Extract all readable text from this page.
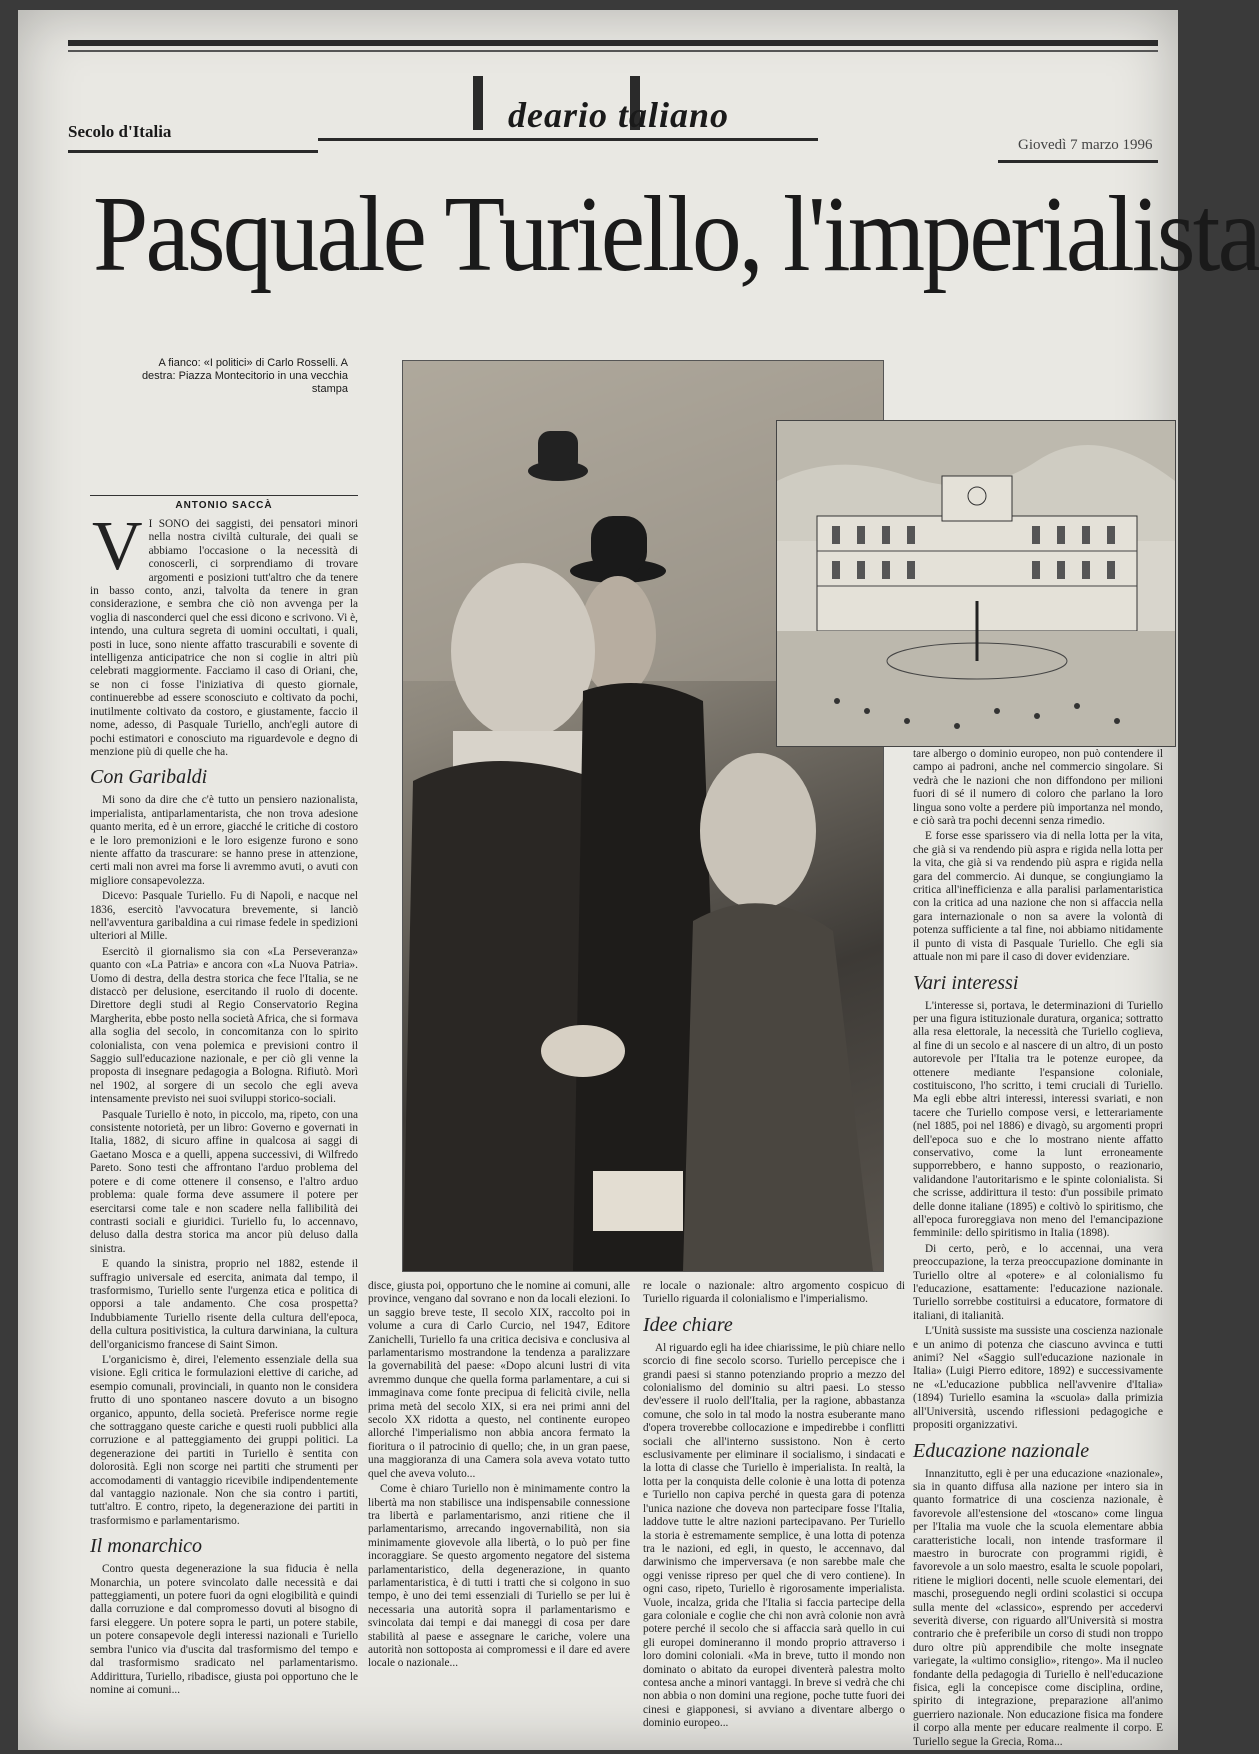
Secolo d'Italia	deario taliano
Giovedì 7 marzo 1996
Pasquale Turiello, l'imperialista
A fianco: «I politici» di Carlo Rosselli. A destra: Piazza Montecitorio in una vecchia stampa
ANTONIO SACCÀ

V I SONO dei saggisti, dei pensatori minori nella nostra civiltà culturale, dei quali se abbiamo l'occasione o la necessità di conoscerli, ci sorprendiamo di trovare argomenti e posizioni tutt'altro che da tenere in basso conto, anzi, talvolta da tenere in gran considerazione, e sembra che ciò non avvenga per la voglia di nasconderci quel che essi dicono e scrivono. Vi è, intendo, una cultura segreta di uomini occultati, i quali, posti in luce, sono niente affatto trascurabili e sovente di intelligenza anticipatrice che non si coglie in altri più celebrati maggiormente. Facciamo il caso di Oriani, che, se non ci fosse l'iniziativa di questo giornale, continuerebbe ad essere sconosciuto e coltivato da pochi, inutilmente coltivato da costoro, e giustamente, faccio il nome, adesso, di Pasquale Turiello, anch'egli autore di pochi estimatori e conosciuto ma riguardevole e degno di menzione più di quelle che ha.

Con Garibaldi

Mi sono da dire che c'è tutto un pensiero nazionalista, imperialista, antiparlamentarista, che non trova adesione quanto merita, ed è un errore, giacché le critiche di costoro e le loro premonizioni e le loro esigenze furono e sono niente affatto da trascurare: se hanno prese in attenzione, certi mali non avrei ma forse li avremmo avuti, o avuti con migliore consapevolezza.

Dicevo: Pasquale Turiello. Fu di Napoli, e nacque nel 1836, esercitò l'avvocatura brevemente, si lanciò nell'avventura garibaldina a cui rimase fedele in spedizioni ulteriori al Mille.

Esercitò il giornalismo sia con «La Perseveranza» quanto con «La Patria» e ancora con «La Nuova Patria». Uomo di destra, della destra storica che fece l'Italia, se ne distaccò per delusione, esercitando il ruolo di docente. Direttore degli studi al Regio Conservatorio Regina Margherita, ebbe posto nella società Africa, che si formava alla soglia del secolo, in concomitanza con lo spirito colonialista, con vena polemica e previsioni contro il Saggio sull'educazione nazionale, e per ciò gli venne la proposta di insegnare pedagogia a Bologna. Rifiutò. Morì nel 1902, al sorgere di un secolo che egli aveva intensamente previsto nei suoi sviluppi storico-sociali.

Pasquale Turiello è noto, in piccolo, ma, ripeto, con una consistente notorietà, per un libro: Governo e governati in Italia, 1882, di sicuro affine in qualcosa ai saggi di Gaetano Mosca e a quelli, appena successivi, di Wilfredo Pareto. Sono testi che affrontano l'arduo problema del potere e di come ottenere il consenso, e l'altro arduo problema: quale forma deve assumere il potere per esercitarsi come tale e non scadere nella fallibilità dei contrasti sociali e giuridici. Turiello fu, lo accennavo, deluso dalla destra storica ma ancor più deluso dalla sinistra.

E quando la sinistra, proprio nel 1882, estende il suffragio universale ed esercita, animata dal tempo, il trasformismo, Turiello sente l'urgenza etica e politica di opporsi a tale andamento. Che cosa prospetta? Indubbiamente Turiello risente della cultura dell'epoca, della cultura positivistica, la cultura darwiniana, la cultura dell'organicismo francese di Saint Simon.

L'organicismo è, direi, l'elemento essenziale della sua visione. Egli critica le formulazioni elettive di cariche, ad esempio comunali, provinciali, in quanto non le considera frutto di uno spontaneo nascere dovuto a un bisogno organico, appunto, della società. Preferisce norme regie che sottraggano queste cariche e questi ruoli pubblici alla corruzione e al patteggiamento dei gruppi politici. La degenerazione dei partiti in Turiello è sentita con dolorosità. Egli non scorge nei partiti che strumenti per accomodamenti di vantaggio ricevibile indipendentemente dal vantaggio nazionale. Non che sia contro i partiti, tutt'altro. E contro, ripeto, la degenerazione dei partiti in trasformismo e parlamentarismo.

Il monarchico

Contro questa degenerazione la sua fiducia è nella Monarchia, un potere svincolato dalle necessità e dai patteggiamenti, un potere fuori da ogni elogibilità e quindi dalla corruzione e dal compromesso dovuti al bisogno di farsi eleggere. Un potere sopra le parti, un potere stabile, un potere consapevole degli interessi nazionali e Turiello sembra l'unico via d'uscita dal trasformismo del tempo e dal trasformismo sradicato nel parlamentarismo. Addirittura, Turiello, ribadisce, giusta poi opportuno che le nomine ai comuni...

disce, giusta poi, opportuno che le nomine ai comuni, alle province, vengano dal sovrano e non da locali elezioni. Io un saggio breve teste, Il secolo XIX, raccolto poi in volume a cura di Carlo Curcio, nel 1947, Editore Zanichelli, Turiello fa una critica decisiva e conclusiva al parlamentarismo mostrandone la tendenza a paralizzare la governabilità del paese: «Dopo alcuni lustri di vita avremmo dunque che quella forma parlamentare, a cui si immaginava come fonte precipua di felicità civile, nella prima metà del secolo XIX, si era nei primi anni del secolo XX ridotta a questo, nel continente europeo allorché l'imperialismo non abbia ancora fermato la fioritura o il patrocinio di quello; che, in un gran paese, una maggioranza di una Camera sola aveva votato tutto quel che aveva voluto...

Come è chiaro Turiello non è minimamente contro la libertà ma non stabilisce una indispensabile connessione tra libertà e parlamentarismo, anzi ritiene che il parlamentarismo, arrecando ingovernabilità, non sia minimamente giovevole alla libertà, o lo può per fine incoraggiare. Se questo argomento negatore del sistema parlamentaristico, della degenerazione, in quanto parlamentaristica, è di tutti i tratti che si colgono in suo tempo, è uno dei temi essenziali di Turiello se per lui è necessaria una autorità sopra il parlamentarismo e svincolata dai tempi e dai maneggi di cosa per dare stabilità al paese e assegnare le cariche, volere una autorità non sottoposta ai compromessi e il dare ed avere locale o nazionale...

re locale o nazionale: altro argomento cospicuo di Turiello riguarda il colonialismo e l'imperialismo.

Idee chiare

Al riguardo egli ha idee chiarissime, le più chiare nello scorcio di fine secolo scorso. Turiello percepisce che i grandi paesi si stanno potenziando proprio a mezzo del colonialismo del dominio su altri paesi. Lo stesso dev'essere il ruolo dell'Italia, per la ragione, abbastanza comune, che solo in tal modo la nostra esuberante mano d'opera troverebbe collocazione e impedirebbe i conflitti sociali che all'interno sussistono. Non è certo esclusivamente per eliminare il socialismo, i sindacati e la lotta di classe che Turiello è imperialista. In realtà, la lotta per la conquista delle colonie è una lotta di potenza e Turiello non capiva perché in questa gara di potenza l'unica nazione che doveva non partecipare fosse l'Italia, laddove tutte le altre nazioni partecipavano. Per Turiello la storia è estremamente semplice, è una lotta di potenza tra le nazioni, ed egli, in questo, le accennavo, dal darwinismo che imperversava (e non sarebbe male che oggi venisse ripreso per quel che di vero contiene). In ogni caso, ripeto, Turiello è rigorosamente imperialista. Vuole, incalza, grida che l'Italia si faccia partecipe della gara coloniale e coglie che chi non avrà colonie non avrà potere perché il secolo che si affaccia sarà quello in cui gli europei domineranno il mondo proprio attraverso i loro domini coloniali. «Ma in breve, tutto il mondo non dominato o abitato da europei diventerà palestra molto contesa anche a minori vantaggi. In breve si vedrà che chi non abbia o non domini una regione, poche tutte fuori dei cinesi e giapponesi, si avviano a diventare albergo o dominio europeo...

tare albergo o dominio europeo, non può contendere il campo ai padroni, anche nel commercio singolare. Si vedrà che le nazioni che non diffondono per milioni fuori di sé il numero di coloro che parlano la loro lingua sono volte a perdere più importanza nel mondo, e ciò sarà tra pochi decenni senza rimedio.

E forse esse sparissero via di nella lotta per la vita, che già si va rendendo più aspra e rigida nella lotta per la vita, che già si va rendendo più aspra e rigida nella gara del commercio. Ai dunque, se congiungiamo la critica all'inefficienza e alla paralisi parlamentaristica con la critica ad una nazione che non si affaccia nella gara internazionale o non sa avere la volontà di potenza sufficiente a tal fine, noi abbiamo nitidamente il punto di vista di Pasquale Turiello. Che egli sia attuale non mi pare il caso di dover evidenziare.

Vari interessi

L'interesse si, portava, le determinazioni di Turiello per una figura istituzionale duratura, organica; sottratto alla resa elettorale, la necessità che Turiello coglieva, al fine di un secolo e al nascere di un altro, di un posto autorevole per l'Italia tra le potenze europee, da ottenere mediante l'espansione coloniale, costituiscono, l'ho scritto, i temi cruciali di Turiello. Ma egli ebbe altri interessi, interessi svariati, e non tacere che Turiello compose versi, e letterariamente (nel 1885, poi nel 1886) e divagò, su argomenti propri dell'epoca suo e che lo mostrano niente affatto conservativo, come la lunt erroneamente supporrebbero, e hanno supposto, o reazionario, validandone l'autoritarismo e le spinte colonialista. Si che scrisse, addirittura il testo: d'un possibile primato delle donne italiane (1895) e coltivò lo spiritismo, che all'epoca furoreggiava non meno del l'emancipazione femminile: dello spiritismo in Italia (1898).

Di certo, però, e lo accennai, una vera preoccupazione, la terza preoccupazione dominante in Turiello oltre al «potere» e al colonialismo fu l'educazione, esattamente: l'educazione nazionale. Turiello sorrebbe costituirsi a educatore, formatore di italiani, di italianità.

L'Unità sussiste ma sussiste una coscienza nazionale e un animo di potenza che ciascuno avvinca e tutti animi? Nel «Saggio sull'educazione nazionale in Italia» (Luigi Pierro editore, 1892) e successivamente ne «L'educazione pubblica nell'avvenire d'Italia» (1894) Turiello esamina la «scuola» dalla primizia all'Università, uscendo riflessioni pedagogiche e propositi organizzativi.

Educazione nazionale

Innanzitutto, egli è per una educazione «nazionale», sia in quanto diffusa alla nazione per intero sia in quanto formatrice di una coscienza nazionale, è favorevole all'estensione del «toscano» come lingua per l'Italia ma vuole che la scuola elementare abbia caratteristiche locali, non intende trasformare il maestro in burocrate con programmi rigidi, è favorevole a un solo maestro, esalta le scuole popolari, ritiene le migliori docenti, nelle scuole elementari, dei maschi, proseguendo negli ordini scolastici si occupa sulla mente del «classico», esprendo per accedervi severità diverse, con riguardo all'Università si mostra contrario che è preferibile un corso di studi non troppo duro oltre più apprendibile che molte insegnate variegate, la «ultimo consiglio», ritengo». Ma il nucleo fondante della pedagogia di Turiello è nell'educazione fisica, egli la concepisce come disciplina, ordine, spirito di integrazione, preparazione all'animo guerriero nazionale. Non educazione fisica ma fondere il corpo alla mente per educare realmente il corpo. E Turiello segue la Grecia, Roma...
